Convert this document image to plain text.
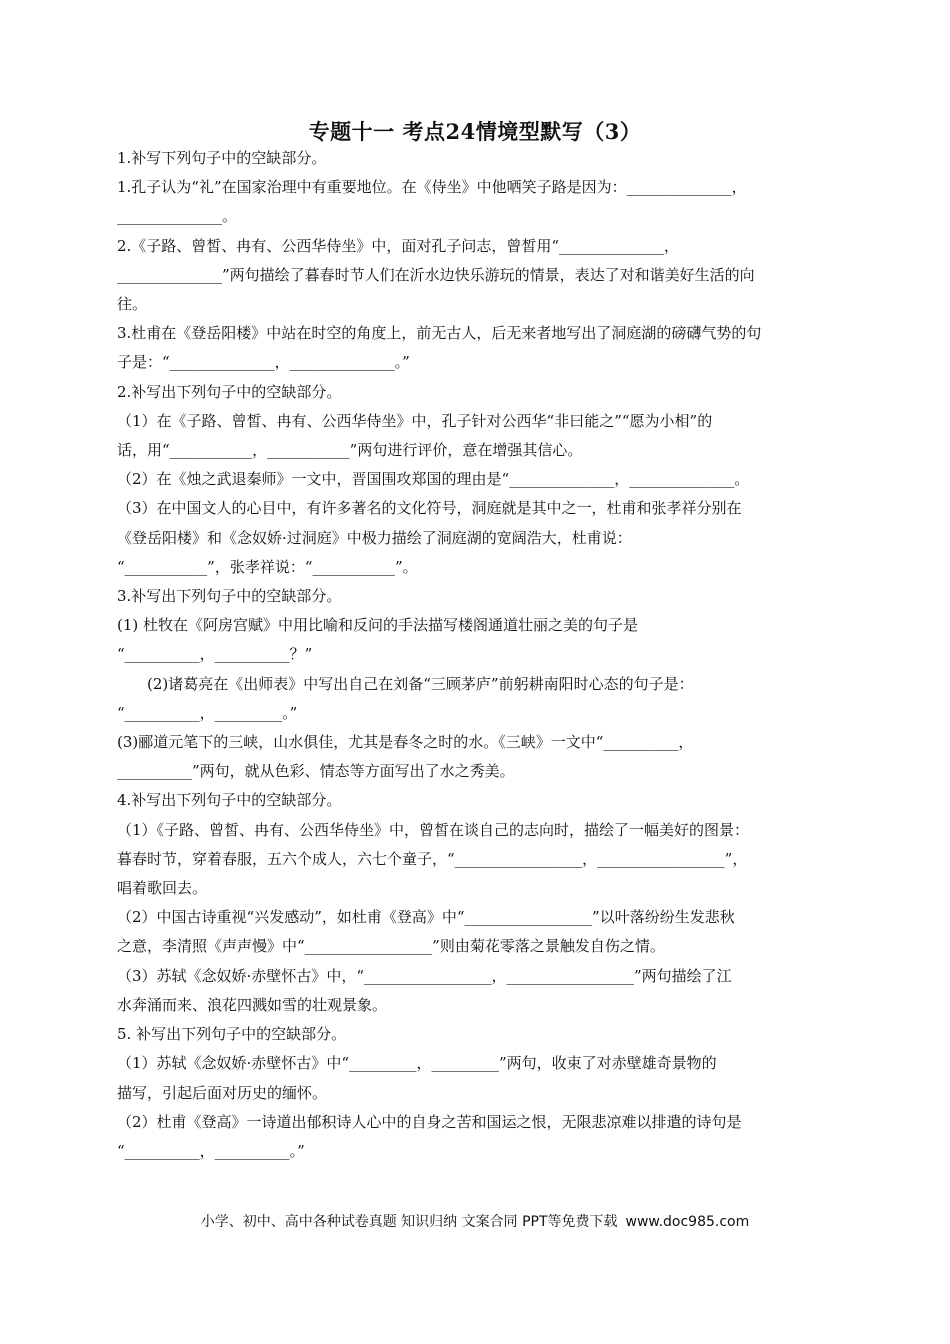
专题十一 考点24情境型默写（3）

1.补写下列句子中的空缺部分。

1.孔子认为“礼”在国家治理中有重要地位。在《侍坐》中他哂笑子路是因为：______________，

______________。

2.《子路、曾皙、冉有、公西华侍坐》中，面对孔子问志，曾皙用“______________，

______________”两句描绘了暮春时节人们在沂水边快乐游玩的情景，表达了对和谐美好生活的向

往。

3.杜甫在《登岳阳楼》中站在时空的角度上，前无古人，后无来者地写出了洞庭湖的磅礴气势的句

子是：“______________，______________。”

2.补写出下列句子中的空缺部分。

（1）在《子路、曾皙、冉有、公西华侍坐》中，孔子针对公西华“非曰能之”“愿为小相”的

话，用“___________，___________”两句进行评价，意在增强其信心。

（2）在《烛之武退秦师》一文中，晋国围攻郑国的理由是“______________，______________。

（3）在中国文人的心目中，有许多著名的文化符号，洞庭就是其中之一，杜甫和张孝祥分别在

《登岳阳楼》和《念奴娇·过洞庭》中极力描绘了洞庭湖的宽阔浩大，杜甫说：

“___________”，张孝祥说：“___________”。

3.补写出下列句子中的空缺部分。

(1) 杜牧在《阿房宫赋》中用比喻和反问的手法描写楼阁通道壮丽之美的句子是

“__________，__________？”

(2)诸葛亮在《出师表》中写出自己在刘备“三顾茅庐”前躬耕南阳时心态的句子是：

“__________，_________。”

(3)郦道元笔下的三峡，山水俱佳，尤其是春冬之时的水。《三峡》一文中“__________，

__________”两句，就从色彩、情态等方面写出了水之秀美。

4.补写出下列句子中的空缺部分。

（1）《子路、曾皙、冉有、公西华侍坐》中，曾皙在谈自己的志向时，描绘了一幅美好的图景：

暮春时节，穿着春服，五六个成人，六七个童子，“_________________，_________________”，

唱着歌回去。

（2）中国古诗重视“兴发感动”，如杜甫《登高》中“_________________”以叶落纷纷生发悲秋

之意，李清照《声声慢》中“_________________”则由菊花零落之景触发自伤之情。

（3）苏轼《念奴娇·赤壁怀古》中，“_________________，_________________”两句描绘了江

水奔涌而来、浪花四溅如雪的壮观景象。

5. 补写出下列句子中的空缺部分。

（1）苏轼《念奴娇·赤壁怀古》中“_________，_________”两句，收束了对赤壁雄奇景物的

描写，引起后面对历史的缅怀。

（2）杜甫《登高》一诗道出郁积诗人心中的自身之苦和国运之恨，无限悲凉难以排遣的诗句是

“__________，__________。”

小学、初中、高中各种试卷真题 知识归纳 文案合同 PPT等免费下载 www.doc985.com
